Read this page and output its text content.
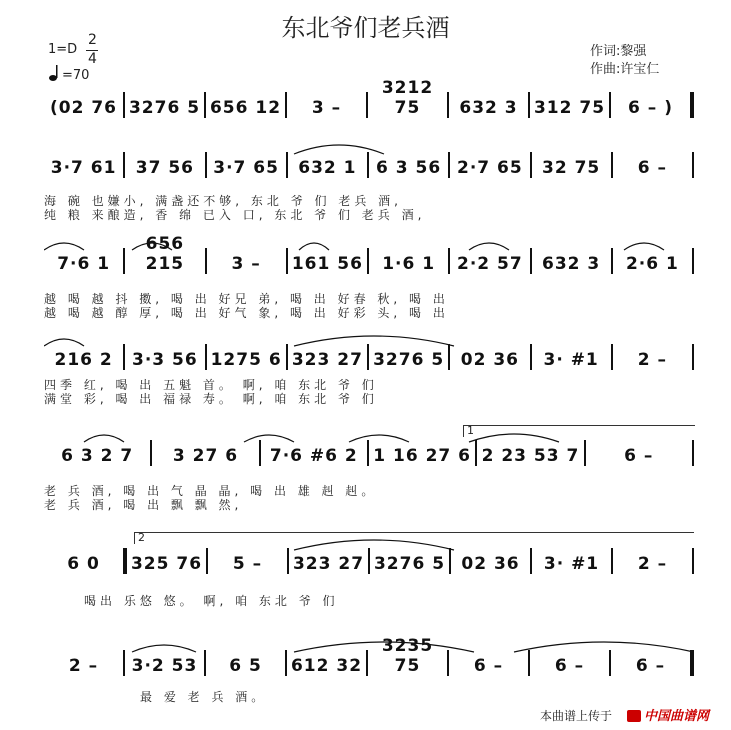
东北爷们老兵酒
1=D
2
4
=70
作词:黎强
作曲:许宝仁
(02 76 3276 5 656 12	3 –
3212 75	632 3 312 75	6 – )
3·7 61	37 56	3·7 65	632 1	6 3 56 2·7 65	32 75	6 –
海 碗 也嫌小, 满盏还不够, 东北 爷 们 老兵 酒,
纯 粮 来酿造, 香 绵 已入 口, 东北 爷 们 老兵 酒,
7·6 1
656 215	3 –	161 56	1·6 1	2·2 57	632 3	2·6 1
越 喝 越 抖 擞, 喝 出 好兄 弟, 喝 出 好春 秋, 喝 出
越 喝 越 醇 厚, 喝 出 好气 象, 喝 出 好彩 头, 喝 出
216 2	3·3 56 1275 6 323 27 3276 5 02 36	3· #1	2 –
四季 红, 喝 出 五魁 首。 啊, 咱 东北 爷 们
满堂 彩, 喝 出 福禄 寿。 啊, 咱 东北 爷 们
1
6 3 2 7	3 27 6	7·6 #6 2 1 16 27 6 2 23 53 7	6 –
老 兵 酒, 喝 出 气 晶 晶, 喝 出 雄 赳 赳。
老 兵 酒, 喝 出 飘 飘 然,
2
6 0	325 76	5 –	323 27 3276 5 02 36	3· #1	2 –
喝出 乐悠 悠。 啊, 咱 东北 爷 们
2 –	3·2 53	6 5	612 32
3235 75	6 –	6 –	6 –
最 爱 老 兵 酒。
本曲谱上传于	中国曲谱网
